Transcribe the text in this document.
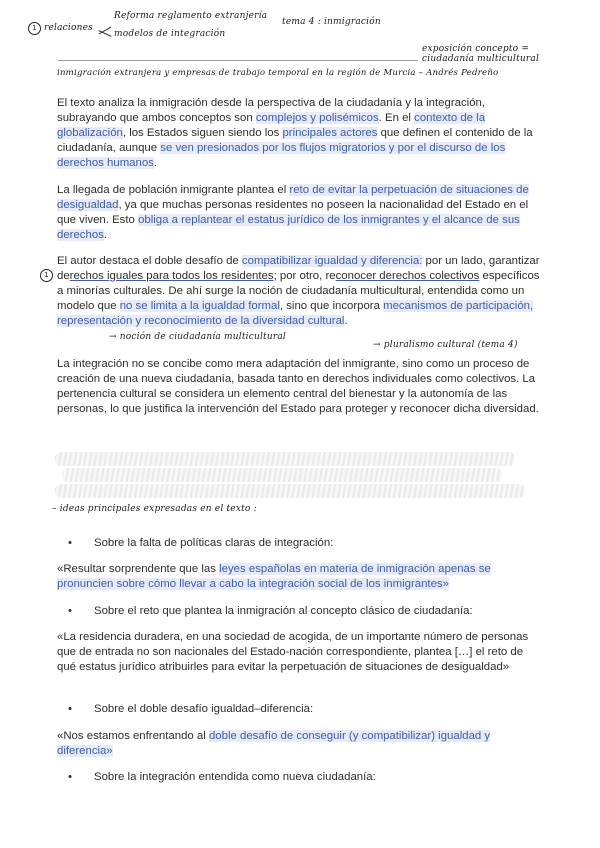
1 relaciones
Reforma reglamento extranjería
modelos de integración
tema 4 : inmigración
exposición concepto = ciudadanía multicultural
inmigración extranjera y empresas de trabajo temporal en la región de Murcia – Andrés Pedreño
El texto analiza la inmigración desde la perspectiva de la ciudadanía y la integración, subrayando que ambos conceptos son complejos y polisémicos. En el contexto de la globalización, los Estados siguen siendo los principales actores que definen el contenido de la ciudadanía, aunque se ven presionados por los flujos migratorios y por el discurso de los derechos humanos.
La llegada de población inmigrante plantea el reto de evitar la perpetuación de situaciones de desigualdad, ya que muchas personas residentes no poseen la nacionalidad del Estado en el que viven. Esto obliga a replantear el estatus jurídico de los inmigrantes y el alcance de sus derechos.
1
El autor destaca el doble desafío de compatibilizar igualdad y diferencia: por un lado, garantizar derechos iguales para todos los residentes; por otro, reconocer derechos colectivos específicos a minorías culturales. De ahí surge la noción de ciudadanía multicultural, entendida como un modelo que no se limita a la igualdad formal, sino que incorpora mecanismos de participación, representación y reconocimiento de la diversidad cultural.
→ noción de ciudadanía multicultural
→ pluralismo cultural (tema 4)
La integración no se concibe como mera adaptación del inmigrante, sino como un proceso de creación de una nueva ciudadanía, basada tanto en derechos individuales como colectivos. La pertenencia cultural se considera un elemento central del bienestar y la autonomía de las personas, lo que justifica la intervención del Estado para proteger y reconocer dicha diversidad.
– ideas principales expresadas en el texto :
• Sobre la falta de políticas claras de integración:
«Resultar sorprendente que las leyes españolas en materia de inmigración apenas se pronuncien sobre cómo llevar a cabo la integración social de los inmigrantes»
• Sobre el reto que plantea la inmigración al concepto clásico de ciudadanía:
«La residencia duradera, en una sociedad de acogida, de un importante número de personas que de entrada no son nacionales del Estado-nación correspondiente, plantea […] el reto de qué estatus jurídico atribuirles para evitar la perpetuación de situaciones de desigualdad»
• Sobre el doble desafío igualdad–diferencia:
«Nos estamos enfrentando al doble desafío de conseguir (y compatibilizar) igualdad y diferencia»
• Sobre la integración entendida como nueva ciudadanía:
